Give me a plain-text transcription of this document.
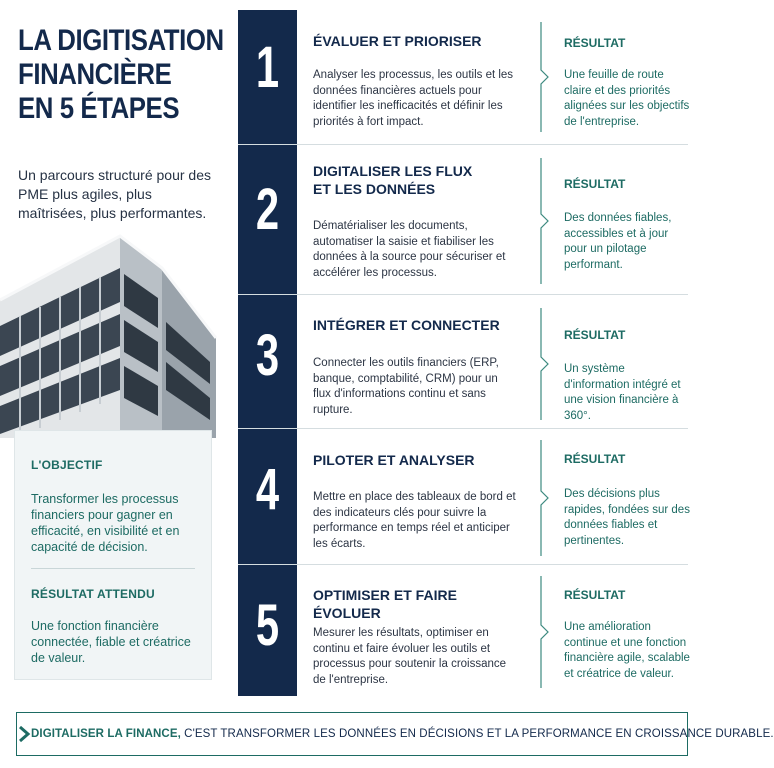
LA DIGITISATION
FINANCIÈRE
EN 5 ÉTAPES

Un parcours structuré pour des PME plus agiles, plus maîtrisées, plus performantes.

L'OBJECTIF
Transformer les processus financiers pour gagner en efficacité, en visibilité et en capacité de décision.
RÉSULTAT ATTENDU
Une fonction financière connectée, fiable et créatrice de valeur.
1	ÉVALUER ET PRIORISER
Analyser les processus, les outils et les données financières actuels pour identifier les inefficacités et définir les priorités à fort impact.
RÉSULTAT
Une feuille de route claire et des priorités alignées sur les objectifs de l'entreprise.
2
DIGITALISER LES FLUX
ET LES DONNÉES
Dématérialiser les documents, automatiser la saisie et fiabiliser les données à la source pour sécuriser et accélérer les processus.
RÉSULTAT
Des données fiables, accessibles et à jour pour un pilotage performant.
3	INTÉGRER ET CONNECTER
Connecter les outils financiers (ERP, banque, comptabilité, CRM) pour un flux d'informations continu et sans rupture.
RÉSULTAT
Un système d'information intégré et une vision financière à 360°.
4	PILOTER ET ANALYSER
Mettre en place des tableaux de bord et des indicateurs clés pour suivre la performance en temps réel et anticiper les écarts.
RÉSULTAT
Des décisions plus rapides, fondées sur des données fiables et pertinentes.
5	OPTIMISER ET FAIRE ÉVOLUER
Mesurer les résultats, optimiser en continu et faire évoluer les outils et processus pour soutenir la croissance de l'entreprise.
RÉSULTAT
Une amélioration continue et une fonction financière agile, scalable et créatrice de valeur.
DIGITALISER LA FINANCE, C'EST TRANSFORMER LES DONNÉES EN DÉCISIONS ET LA PERFORMANCE EN CROISSANCE DURABLE.
